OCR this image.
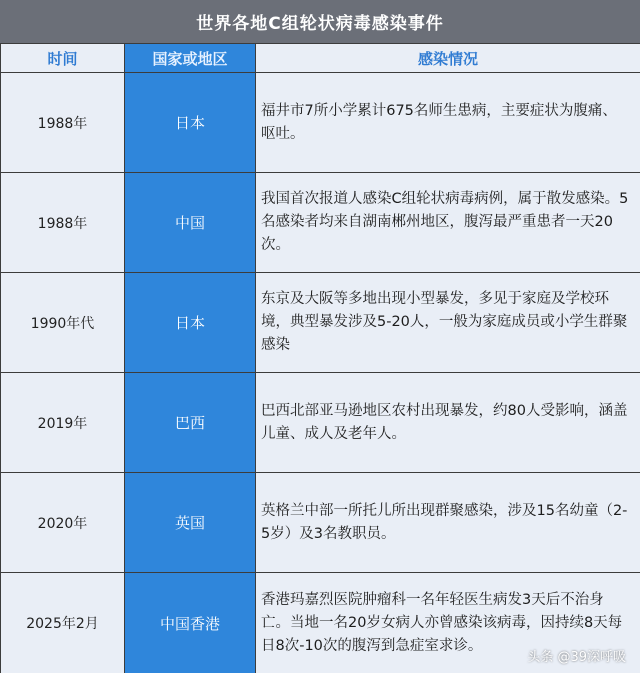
世界各地C组轮状病毒感染事件
时间	国家或地区	感染情况
1988年	日本	福井市7所小学累计675名师生患病，主要症状为腹痛、呕吐。
1988年	中国	我国首次报道人感染C组轮状病毒病例，属于散发感染。5名感染者均来自湖南郴州地区，腹泻最严重患者一天20次。
1990年代	日本	东京及大阪等多地出现小型暴发，多见于家庭及学校环境，典型暴发涉及5-20人，一般为家庭成员或小学生群聚感染
2019年	巴西	巴西北部亚马逊地区农村出现暴发，约80人受影响，涵盖儿童、成人及老年人。
2020年	英国	英格兰中部一所托儿所出现群聚感染，涉及15名幼童（2-5岁）及3名教职员。
2025年2月	中国香港	香港玛嘉烈医院肿瘤科一名年轻医生病发3天后不治身亡。当地一名20岁女病人亦曾感染该病毒，因持续8天每日8次-10次的腹泻到急症室求诊。
头条 @39深呼吸
